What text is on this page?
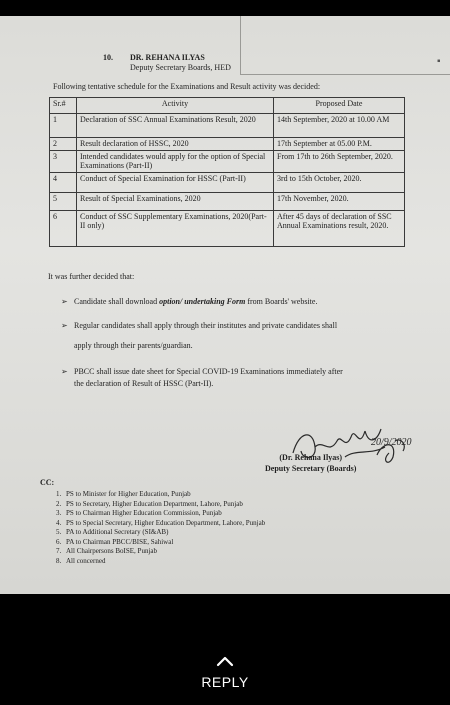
▪
10. DR. REHANA ILYAS
Deputy Secretary Boards, HED
Following tentative schedule for the Examinations and Result activity was decided:
Sr.#	Activity	Proposed Date
1	Declaration of SSC Annual Examinations Result, 2020	14th September, 2020 at 10.00 AM
2	Result declaration of HSSC, 2020	17th September at 05.00 P.M.
3	Intended candidates would apply for the option of Special Examinations (Part-II)	From 17th to 26th September, 2020.
4	Conduct of Special Examination for HSSC (Part-II)	3rd to 15th October, 2020.
5	Result of Special Examinations, 2020	17th November, 2020.
6	Conduct of SSC Supplementary Examinations, 2020(Part-II only)	After 45 days of declaration of SSC Annual Examinations result, 2020.
It was further decided that:
➢ Candidate shall download option/ undertaking Form from Boards' website.
➢ Regular candidates shall apply through their institutes and private candidates shall
apply through their parents/guardian.
➢ PBCC shall issue date sheet for Special COVID-19 Examinations immediately after
the declaration of Result of HSSC (Part-II).
20/9/2020
(Dr. Rehana Ilyas)
Deputy Secretary (Boards)
CC:
1. PS to Minister for Higher Education, Punjab
2. PS to Secretary, Higher Education Department, Lahore, Punjab
3. PS to Chairman Higher Education Commission, Punjab
4. PS to Special Secretary, Higher Education Department, Lahore, Punjab
5. PA to Additional Secretary (SI&AB)
6. PA to Chairman PBCC/BISE, Sahiwal
7. All Chairpersons BoISE, Punjab
8. All concerned
REPLY
